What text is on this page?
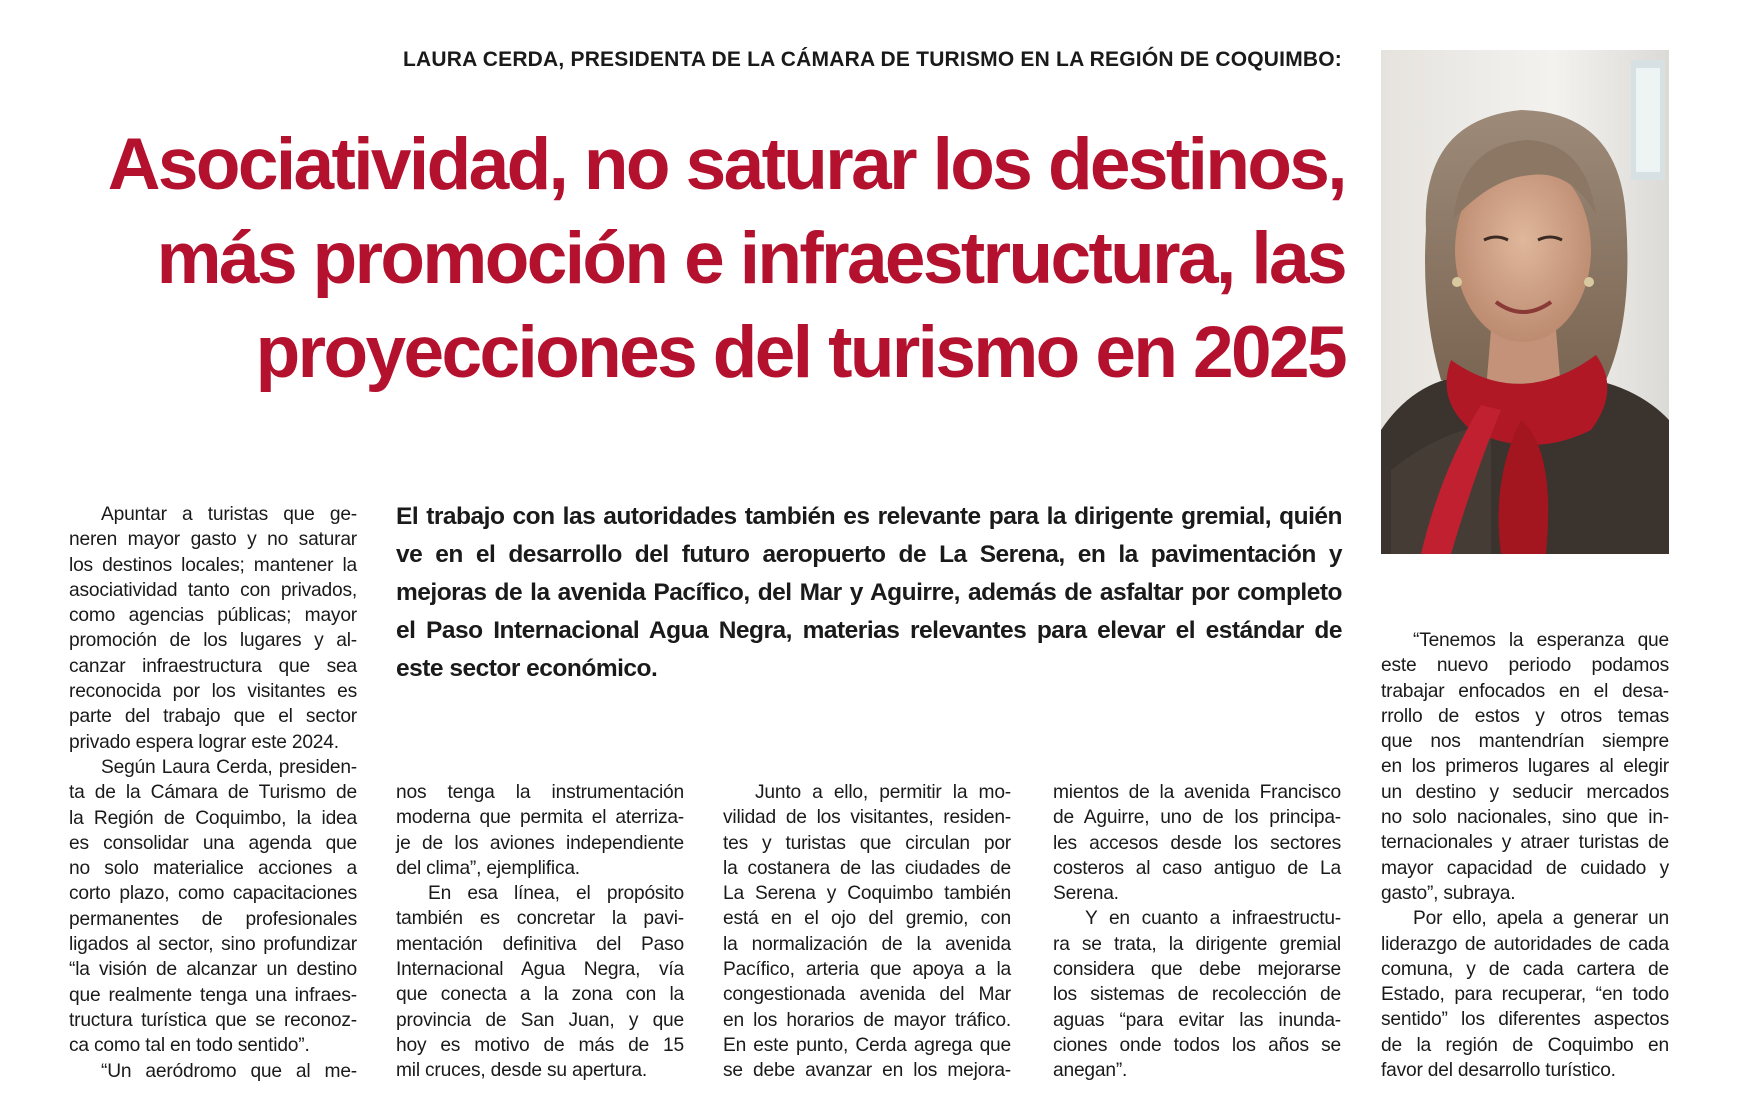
LAURA CERDA, PRESIDENTA DE LA CÁMARA DE TURISMO EN LA REGIÓN DE COQUIMBO:
Asociatividad, no saturar los destinos,
más promoción e infraestructura, las
proyecciones del turismo en 2025

El trabajo con las autoridades también es relevante para la dirigente gremial, quién ve en el desarrollo del futuro aeropuerto de La Serena, en la pavimentación y mejoras de la avenida Pacífico, del Mar y Aguirre, además de asfaltar por completo el Paso Internacional Agua Negra, materias relevantes para elevar el estándar de este sector económico.

Apuntar a turistas que ge-
neren mayor gasto y no saturar
los destinos locales; mantener la
asociatividad tanto con privados,
como agencias públicas; mayor
promoción de los lugares y al-
canzar infraestructura que sea
reconocida por los visitantes es
parte del trabajo que el sector
privado espera lograr este 2024.
Según Laura Cerda, presiden-
ta de la Cámara de Turismo de
la Región de Coquimbo, la idea
es consolidar una agenda que
no solo materialice acciones a
corto plazo, como capacitaciones
permanentes de profesionales
ligados al sector, sino profundizar
“la visión de alcanzar un destino
que realmente tenga una infraes-
tructura turística que se reconoz-
ca como tal en todo sentido”.
“Un aeródromo que al me-
nos tenga la instrumentación
moderna que permita el aterriza-
je de los aviones independiente
del clima”, ejemplifica.
En esa línea, el propósito
también es concretar la pavi-
mentación definitiva del Paso
Internacional Agua Negra, vía
que conecta a la zona con la
provincia de San Juan, y que
hoy es motivo de más de 15
mil cruces, desde su apertura.
Junto a ello, permitir la mo-
vilidad de los visitantes, residen-
tes y turistas que circulan por
la costanera de las ciudades de
La Serena y Coquimbo también
está en el ojo del gremio, con
la normalización de la avenida
Pacífico, arteria que apoya a la
congestionada avenida del Mar
en los horarios de mayor tráfico.
En este punto, Cerda agrega que
se debe avanzar en los mejora-
mientos de la avenida Francisco
de Aguirre, uno de los principa-
les accesos desde los sectores
costeros al caso antiguo de La
Serena.
Y en cuanto a infraestructu-
ra se trata, la dirigente gremial
considera que debe mejorarse
los sistemas de recolección de
aguas “para evitar las inunda-
ciones onde todos los años se
anegan”.
“Tenemos la esperanza que
este nuevo periodo podamos
trabajar enfocados en el desa-
rrollo de estos y otros temas
que nos mantendrían siempre
en los primeros lugares al elegir
un destino y seducir mercados
no solo nacionales, sino que in-
ternacionales y atraer turistas de
mayor capacidad de cuidado y
gasto”, subraya.
Por ello, apela a generar un
liderazgo de autoridades de cada
comuna, y de cada cartera de
Estado, para recuperar, “en todo
sentido” los diferentes aspectos
de la región de Coquimbo en
favor del desarrollo turístico.
